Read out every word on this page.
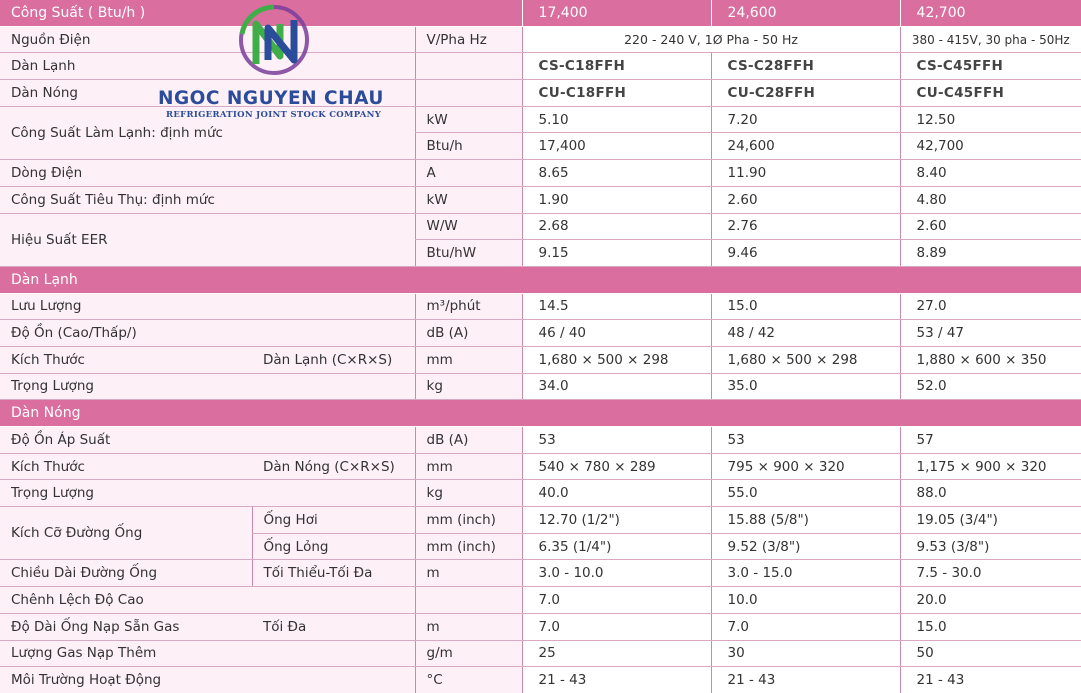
Công Suất ( Btu/h )			17,400	24,600	42,700
Nguồn Điện		V/Pha Hz	220 - 240 V, 1Ø Pha - 50 Hz		380 - 415V, 30 pha - 50Hz
Dàn Lạnh			CS-C18FFH	CS-C28FFH	CS-C45FFH
Dàn Nóng			CU-C18FFH	CU-C28FFH	CU-C45FFH
Công Suất Làm Lạnh: định mức		kW	5.10	7.20	12.50
		Btu/h	17,400	24,600	42,700
Dòng Điện		A	8.65	11.90	8.40
Công Suất Tiêu Thụ: định mức		kW	1.90	2.60	4.80
Hiệu Suất EER		W/W	2.68	2.76	2.60
		Btu/hW	9.15	9.46	8.89
Dàn Lạnh					
Lưu Lượng		m³/phút	14.5	15.0	27.0
Độ Ồn (Cao/Thấp/)		dB (A)	46 / 40	48 / 42	53 / 47
Kích Thước	Dàn Lạnh (C×R×S)	mm	1,680 × 500 × 298	1,680 × 500 × 298	1,880 × 600 × 350
Trọng Lượng		kg	34.0	35.0	52.0
Dàn Nóng					
Độ Ồn Áp Suất		dB (A)	53	53	57
Kích Thước	Dàn Nóng (C×R×S)	mm	540 × 780 × 289	795 × 900 × 320	1,175 × 900 × 320
Trọng Lượng		kg	40.0	55.0	88.0
Kích Cỡ Đường Ống	Ống Hơi	mm (inch)	12.70 (1/2")	15.88 (5/8")	19.05 (3/4")
	Ống Lỏng	mm (inch)	6.35 (1/4")	9.52 (3/8")	9.53 (3/8")
Chiều Dài Đường Ống	Tối Thiểu-Tối Đa	m	3.0 - 10.0	3.0 - 15.0	7.5 - 30.0
Chênh Lệch Độ Cao			7.0	10.0	20.0
Độ Dài Ống Nạp Sẵn Gas	Tối Đa	m	7.0	7.0	15.0
Lượng Gas Nạp Thêm		g/m	25	30	50
Môi Trường Hoạt Động		°C	21 - 43	21 - 43	21 - 43
NGOC NGUYEN CHAU
REFRIGERATION JOINT STOCK COMPANY
